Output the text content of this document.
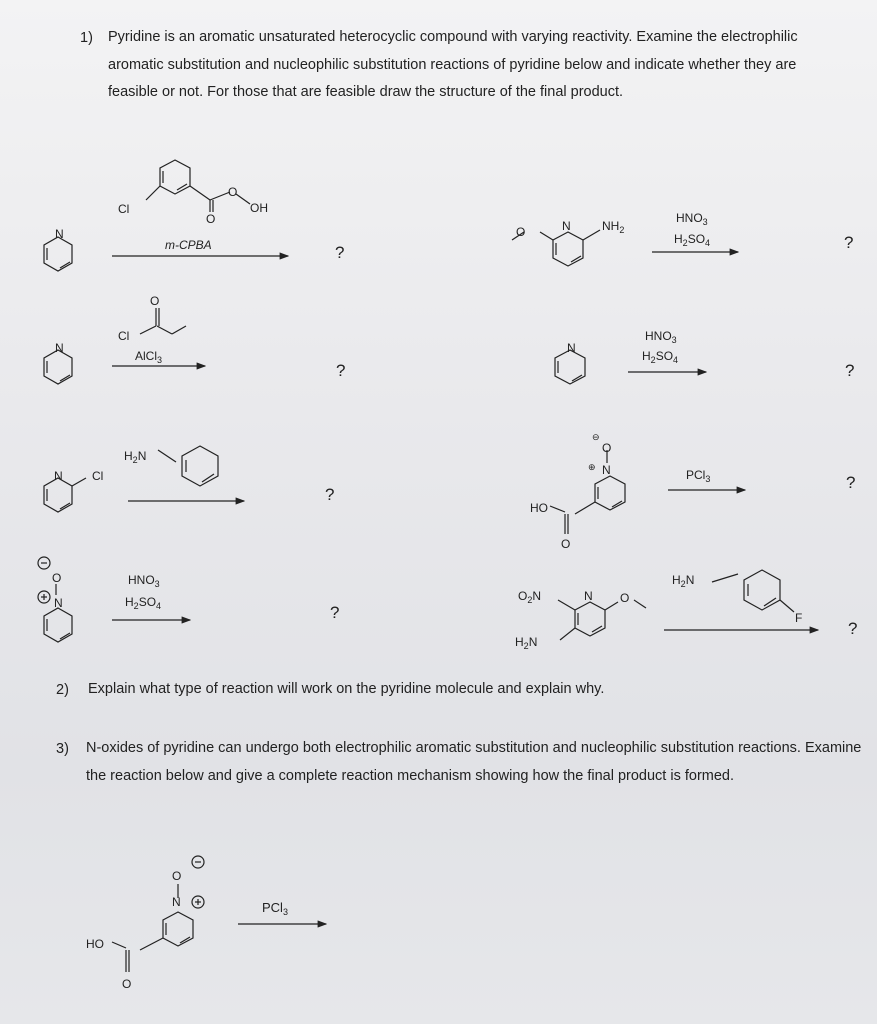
1) Pyridine is an aromatic unsaturated heterocyclic compound with varying reactivity. Examine the electrophilic aromatic substitution and nucleophilic substitution reactions of pyridine below and indicate whether they are feasible or not. For those that are feasible draw the structure of the final product.
N
Cl
O
OH
O
m-CPBA	?
O	N	$NH_2$
$HNO_3$
$H_2SO_4$	?
N
O
Cl
AlCl$_3$
?
N
$HNO_3$
$H_2SO_4$
?
$H_2N$
N Cl
?
⊖
O
⊕ N
HO
O
PCl$_3$	?
O
N
$HNO_3$
$H_2SO_4$	?
$O_2N$	N O
$H_2N$
$H_2N$
F
?
O
N
HO
O
PCl$_3$
2) Explain what type of reaction will work on the pyridine molecule and explain why.
3) N-oxides of pyridine can undergo both electrophilic aromatic substitution and nucleophilic substitution reactions. Examine the reaction below and give a complete reaction mechanism showing how the final product is formed.
